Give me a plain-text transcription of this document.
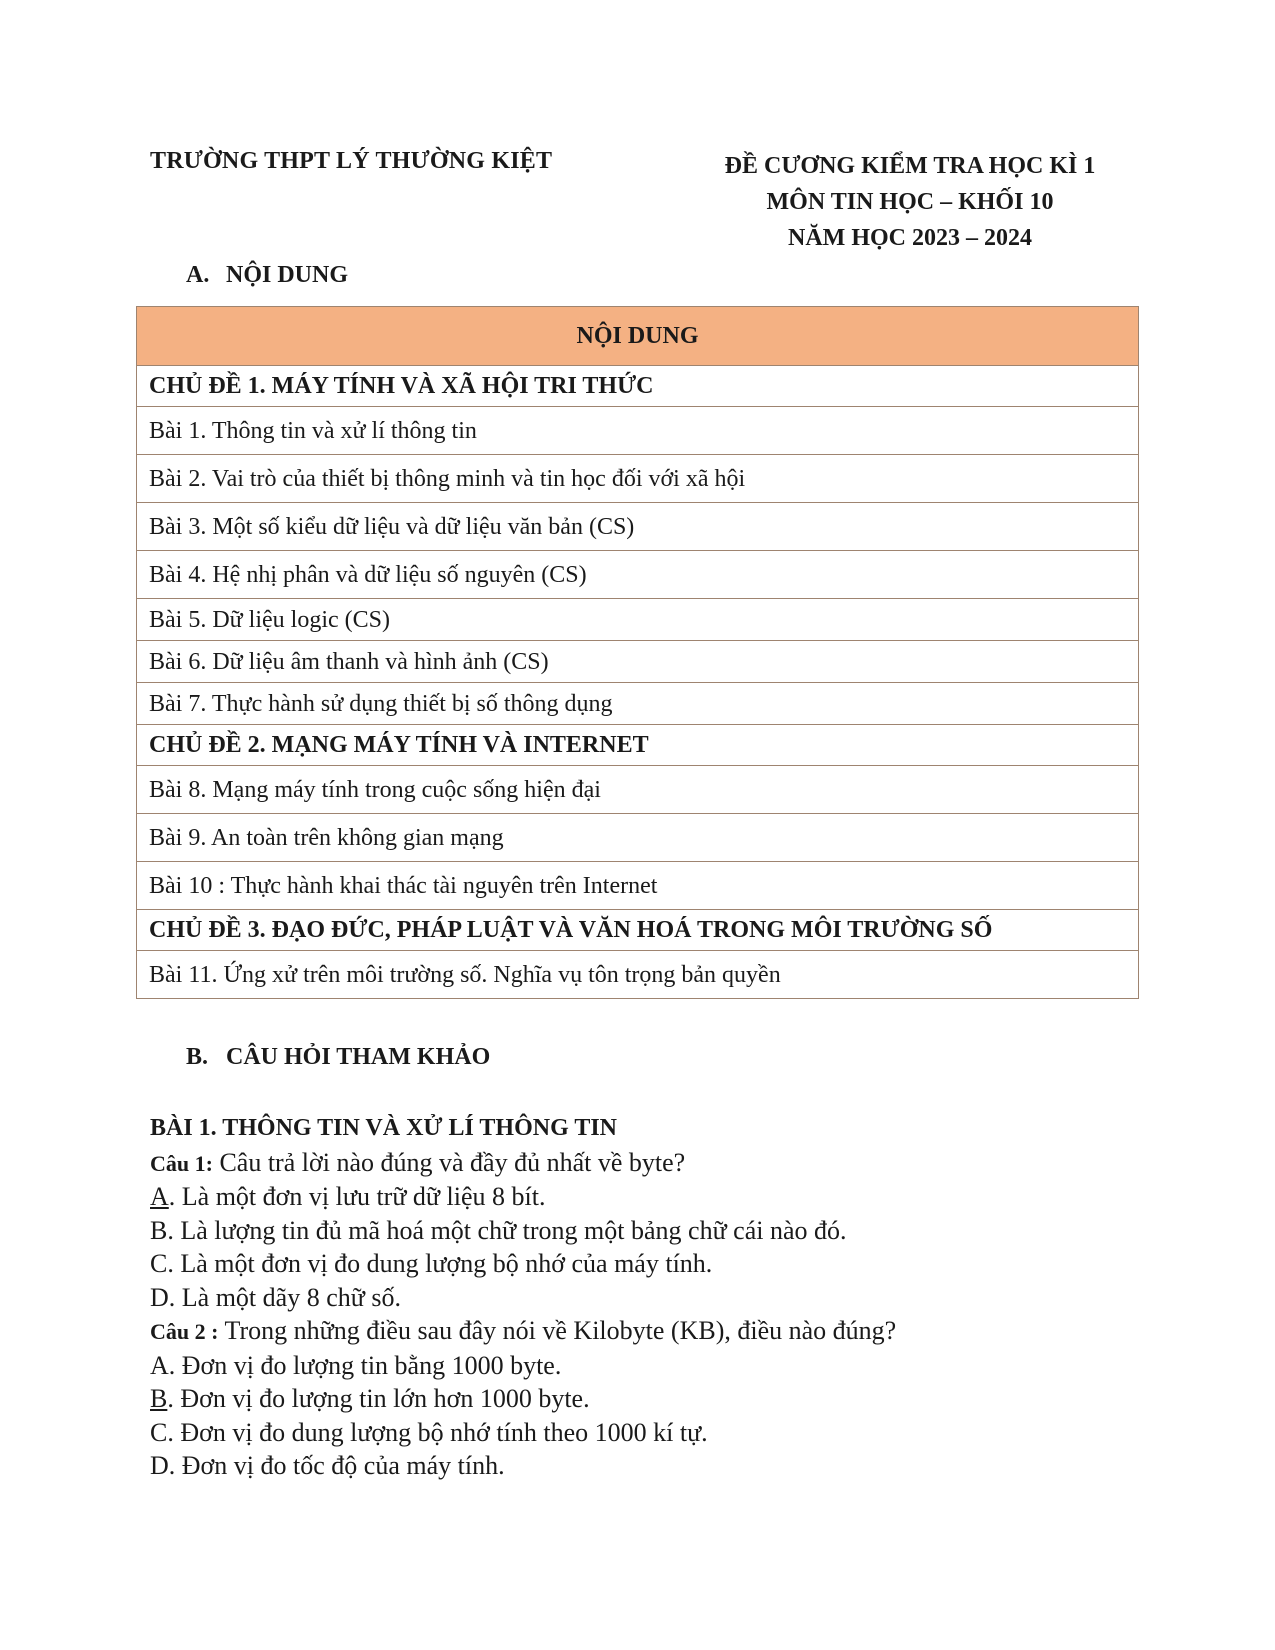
TRƯỜNG THPT LÝ THƯỜNG KIỆT	ĐỀ CƯƠNG KIỂM TRA HỌC KÌ 1
MÔN TIN HỌC – KHỐI 10
NĂM HỌC 2023 – 2024
A. NỘI DUNG
NỘI DUNG
CHỦ ĐỀ 1. MÁY TÍNH VÀ XÃ HỘI TRI THỨC
Bài 1. Thông tin và xử lí thông tin
Bài 2. Vai trò của thiết bị thông minh và tin học đối với xã hội
Bài 3. Một số kiểu dữ liệu và dữ liệu văn bản (CS)
Bài 4. Hệ nhị phân và dữ liệu số nguyên (CS)
Bài 5. Dữ liệu logic (CS)
Bài 6. Dữ liệu âm thanh và hình ảnh (CS)
Bài 7. Thực hành sử dụng thiết bị số thông dụng
CHỦ ĐỀ 2. MẠNG MÁY TÍNH VÀ INTERNET
Bài 8. Mạng máy tính trong cuộc sống hiện đại
Bài 9. An toàn trên không gian mạng
Bài 10 : Thực hành khai thác tài nguyên trên Internet
CHỦ ĐỀ 3. ĐẠO ĐỨC, PHÁP LUẬT VÀ VĂN HOÁ TRONG MÔI TRƯỜNG SỐ
Bài 11. Ứng xử trên môi trường số. Nghĩa vụ tôn trọng bản quyền
B. CÂU HỎI THAM KHẢO
BÀI 1. THÔNG TIN VÀ XỬ LÍ THÔNG TIN
Câu 1: Câu trả lời nào đúng và đầy đủ nhất về byte?
A. Là một đơn vị lưu trữ dữ liệu 8 bít.
B. Là lượng tin đủ mã hoá một chữ trong một bảng chữ cái nào đó.
C. Là một đơn vị đo dung lượng bộ nhớ của máy tính.
D. Là một dãy 8 chữ số.
Câu 2 : Trong những điều sau đây nói về Kilobyte (KB), điều nào đúng?
A. Đơn vị đo lượng tin bằng 1000 byte.
B. Đơn vị đo lượng tin lớn hơn 1000 byte.
C. Đơn vị đo dung lượng bộ nhớ tính theo 1000 kí tự.
D. Đơn vị đo tốc độ của máy tính.
